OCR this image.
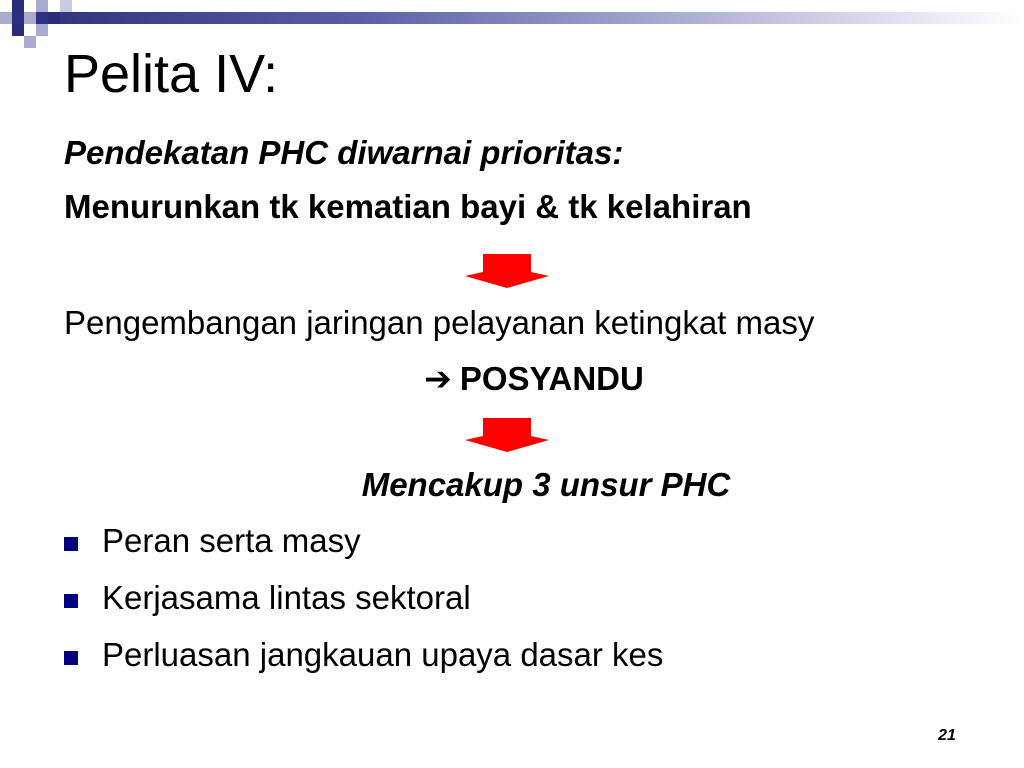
Pelita IV:
Pendekatan PHC diwarnai prioritas:
Menurunkan tk kematian bayi & tk kelahiran
Pengembangan jaringan pelayanan ketingkat masy
➔ POSYANDU
Mencakup 3 unsur PHC
Peran serta masy
Kerjasama lintas sektoral
Perluasan jangkauan upaya dasar kes
21
